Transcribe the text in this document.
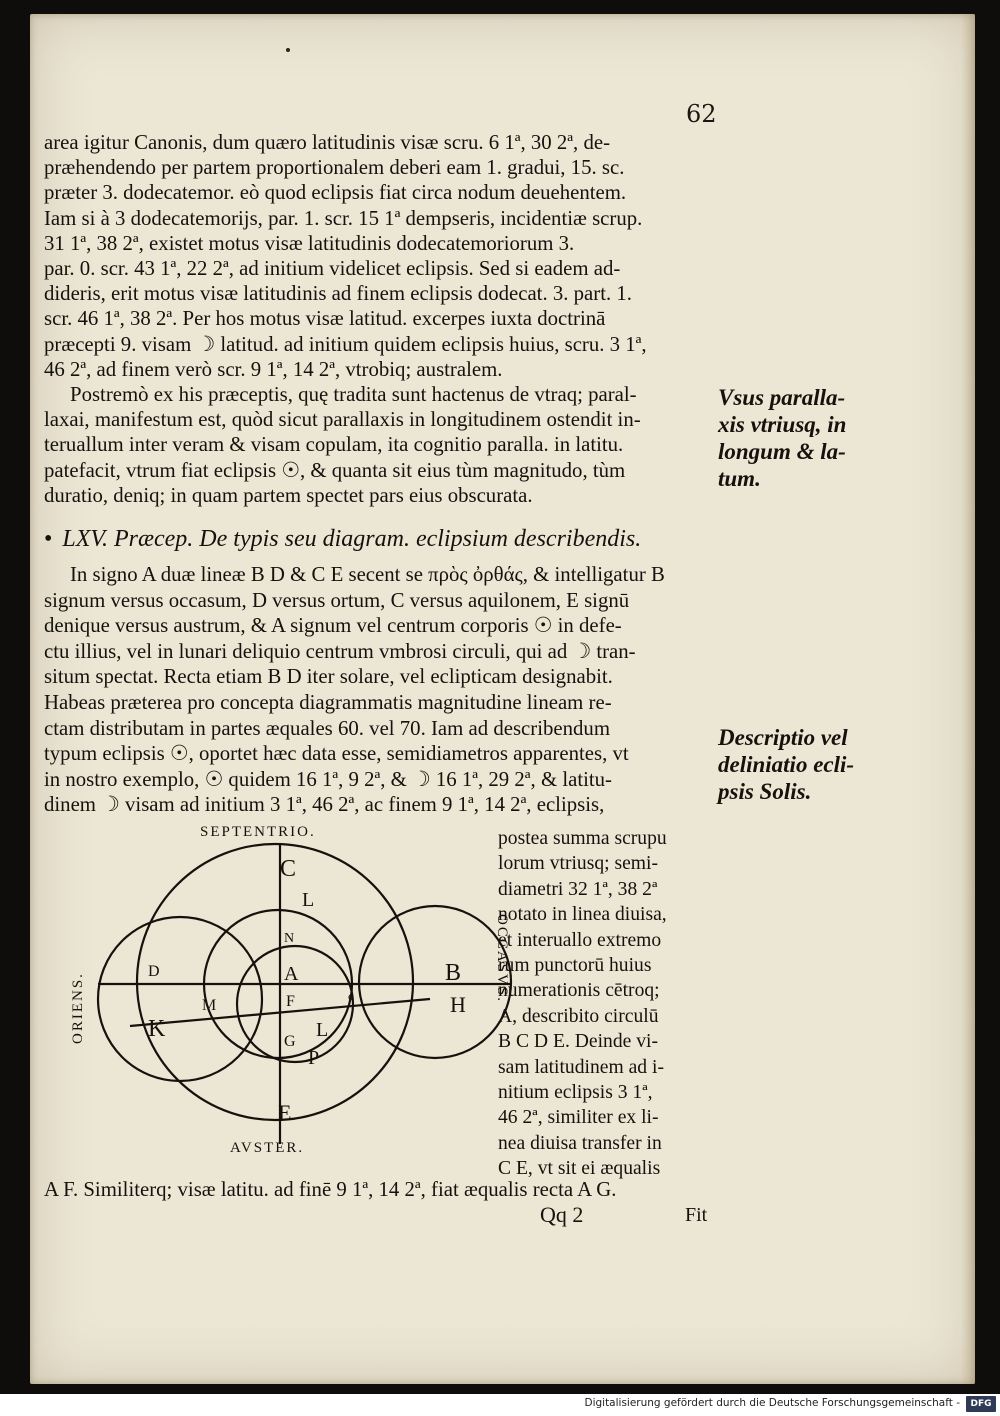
62
area igitur Canonis, dum quæro latitudinis visæ scru. 6 1ª, 30 2ª, de-
præhendendo per partem proportionalem deberi eam 1. gradui, 15. sc.
præter 3. dodecatemor. eò quod eclipsis fiat circa nodum deuehentem.
Iam si à 3 dodecatemorijs, par. 1. scr. 15 1ª dempseris, incidentiæ scrup.
31 1ª, 38 2ª, existet motus visæ latitudinis dodecatemoriorum 3.
par. 0. scr. 43 1ª, 22 2ª, ad initium videlicet eclipsis. Sed si eadem ad-
dideris, erit motus visæ latitudinis ad finem eclipsis dodecat. 3. part. 1.
scr. 46 1ª, 38 2ª. Per hos motus visæ latitud. excerpes iuxta doctrinā
præcepti 9. visam ☽ latitud. ad initium quidem eclipsis huius, scru. 3 1ª,
46 2ª, ad finem verò scr. 9 1ª, 14 2ª, vtrobiq; australem.
Postremò ex his præceptis, quę tradita sunt hactenus de vtraq; paral-
laxai, manifestum est, quòd sicut parallaxis in longitudinem ostendit in-
teruallum inter veram & visam copulam, ita cognitio paralla. in latitu.
patefacit, vtrum fiat eclipsis ☉, & quanta sit eius tùm magnitudo, tùm
duratio, deniq; in quam partem spectet pars eius obscurata.
Vsus paralla-
xis vtriusq, in
longum & la-
tum.
• LXV. Præcep. De typis seu diagram. eclipsium describendis.
In signo A duæ lineæ B D & C E secent se πρὸς ὀρθάς, & intelligatur B
signum versus occasum, D versus ortum, C versus aquilonem, E signū
denique versus austrum, & A signum vel centrum corporis ☉ in defe-
ctu illius, vel in lunari deliquio centrum vmbrosi circuli, qui ad ☽ tran-
situm spectat. Recta etiam B D iter solare, vel eclipticam designabit.
Habeas præterea pro concepta diagrammatis magnitudine lineam re-
ctam distributam in partes æquales 60. vel 70. Iam ad describendum
typum eclipsis ☉, oportet hæc data esse, semidiametros apparentes, vt
in nostro exemplo, ☉ quidem 16 1ª, 9 2ª, & ☽ 16 1ª, 29 2ª, & latitu-
dinem ☽ visam ad initium 3 1ª, 46 2ª, ac finem 9 1ª, 14 2ª, eclipsis,
Descriptio vel
deliniatio ecli-
psis Solis.
SEPTENTRIO.
AVSTER.
ORIENS.
OCCASVS.
C
L
N
A	B
H
D
K
M	F	c
G
L
P
E
postea summa scrupu
lorum vtriusq; semi-
diametri 32 1ª, 38 2ª
notato in linea diuisa,
et interuallo extremo
rum punctorū huius
numerationis cētroq;
A, describito circulū
B C D E. Deinde vi-
sam latitudinem ad i-
nitium eclipsis 3 1ª,
46 2ª, similiter ex li-
nea diuisa transfer in
C E, vt sit ei æqualis
A F. Similiterq; visæ latitu. ad finē 9 1ª, 14 2ª, fiat æqualis recta A G.
Qq 2	Fit
Digitalisierung gefördert durch die Deutsche Forschungsgemeinschaft -	DFG
